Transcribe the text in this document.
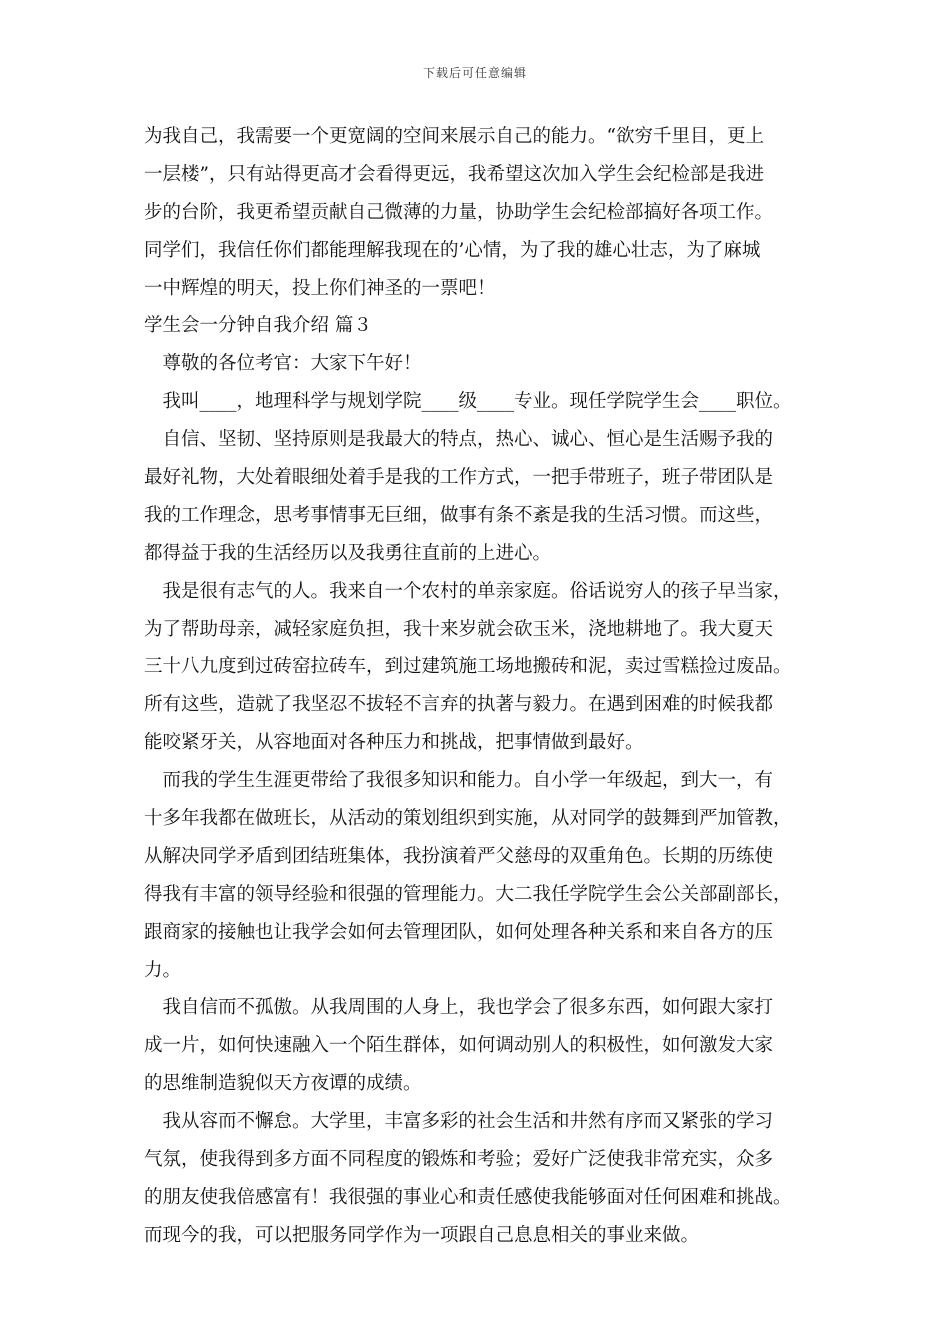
下载后可任意编辑
为我自己，我需要一个更宽阔的空间来展示自己的能力。“欲穷千里目，更上
一层楼”，只有站得更高才会看得更远，我希望这次加入学生会纪检部是我进
步的台阶，我更希望贡献自己微薄的力量，协助学生会纪检部搞好各项工作。
同学们，我信任你们都能理解我现在的’心情，为了我的雄心壮志，为了麻城
一中辉煌的明天，投上你们神圣的一票吧！
学生会一分钟自我介绍 篇３
　尊敬的各位考官：大家下午好！
　我叫____，地理科学与规划学院____级____专业。现任学院学生会____职位。
　自信、坚韧、坚持原则是我最大的特点，热心、诚心、恒心是生活赐予我的
最好礼物，大处着眼细处着手是我的工作方式，一把手带班子，班子带团队是
我的工作理念，思考事情事无巨细，做事有条不紊是我的生活习惯。而这些，
都得益于我的生活经历以及我勇往直前的上进心。
　我是很有志气的人。我来自一个农村的单亲家庭。俗话说穷人的孩子早当家，
为了帮助母亲，减轻家庭负担，我十来岁就会砍玉米，浇地耕地了。我大夏天
三十八九度到过砖窑拉砖车，到过建筑施工场地搬砖和泥，卖过雪糕捡过废品。
所有这些，造就了我坚忍不拔轻不言弃的执著与毅力。在遇到困难的时候我都
能咬紧牙关，从容地面对各种压力和挑战，把事情做到最好。
　而我的学生生涯更带给了我很多知识和能力。自小学一年级起，到大一，有
十多年我都在做班长，从活动的策划组织到实施，从对同学的鼓舞到严加管教，
从解决同学矛盾到团结班集体，我扮演着严父慈母的双重角色。长期的历练使
得我有丰富的领导经验和很强的管理能力。大二我任学院学生会公关部副部长，
跟商家的接触也让我学会如何去管理团队，如何处理各种关系和来自各方的压
力。
　我自信而不孤傲。从我周围的人身上，我也学会了很多东西，如何跟大家打
成一片，如何快速融入一个陌生群体，如何调动别人的积极性，如何激发大家
的思维制造貌似天方夜谭的成绩。
　我从容而不懈怠。大学里，丰富多彩的社会生活和井然有序而又紧张的学习
气氛，使我得到多方面不同程度的锻炼和考验；爱好广泛使我非常充实，众多
的朋友使我倍感富有！我很强的事业心和责任感使我能够面对任何困难和挑战。
而现今的我，可以把服务同学作为一项跟自己息息相关的事业来做。
